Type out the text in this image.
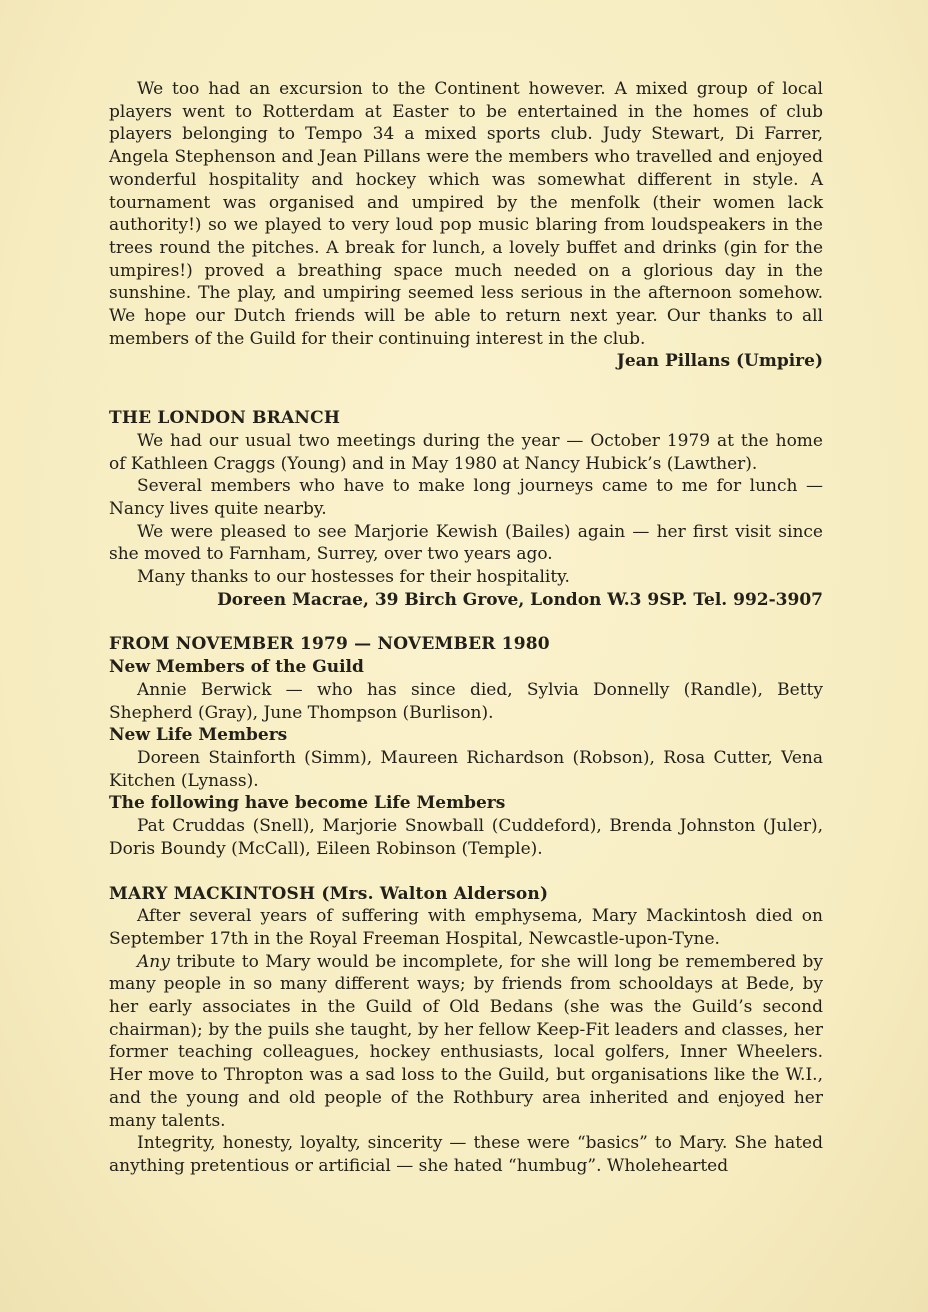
We too had an excursion to the Continent however. A mixed group of local players went to Rotterdam at Easter to be entertained in the homes of club players belonging to Tempo 34 a mixed sports club. Judy Stewart, Di Farrer, Angela Stephenson and Jean Pillans were the members who travelled and enjoyed wonderful hospitality and hockey which was somewhat different in style. A tournament was organised and umpired by the menfolk (their women lack authority!) so we played to very loud pop music blaring from loudspeakers in the trees round the pitches. A break for lunch, a lovely buffet and drinks (gin for the umpires!) proved a breathing space much needed on a glorious day in the sunshine. The play, and umpiring seemed less serious in the afternoon somehow. We hope our Dutch friends will be able to return next year. Our thanks to all members of the Guild for their continuing interest in the club.

Jean Pillans (Umpire)

THE LONDON BRANCH

We had our usual two meetings during the year — October 1979 at the home of Kathleen Craggs (Young) and in May 1980 at Nancy Hubick’s (Lawther).

Several members who have to make long journeys came to me for lunch — Nancy lives quite nearby.

We were pleased to see Marjorie Kewish (Bailes) again — her first visit since she moved to Farnham, Surrey, over two years ago.

Many thanks to our hostesses for their hospitality.

Doreen Macrae, 39 Birch Grove, London W.3 9SP. Tel. 992-3907

FROM NOVEMBER 1979 — NOVEMBER 1980
New Members of the Guild

Annie Berwick — who has since died, Sylvia Donnelly (Randle), Betty Shepherd (Gray), June Thompson (Burlison).

New Life Members

Doreen Stainforth (Simm), Maureen Richardson (Robson), Rosa Cutter, Vena Kitchen (Lynass).

The following have become Life Members

Pat Cruddas (Snell), Marjorie Snowball (Cuddeford), Brenda Johnston (Juler), Doris Boundy (McCall), Eileen Robinson (Temple).

MARY MACKINTOSH (Mrs. Walton Alderson)

After several years of suffering with emphysema, Mary Mackintosh died on September 17th in the Royal Freeman Hospital, Newcastle-upon-Tyne.

Any tribute to Mary would be incomplete, for she will long be remembered by many people in so many different ways; by friends from schooldays at Bede, by her early associates in the Guild of Old Bedans (she was the Guild’s second chairman); by the puils she taught, by her fellow Keep-Fit leaders and classes, her former teaching colleagues, hockey enthusiasts, local golfers, Inner Wheelers. Her move to Thropton was a sad loss to the Guild, but organisations like the W.I., and the young and old people of the Rothbury area inherited and enjoyed her many talents.

Integrity, honesty, loyalty, sincerity — these were “basics” to Mary. She hated anything pretentious or artificial — she hated “humbug”. Wholehearted
